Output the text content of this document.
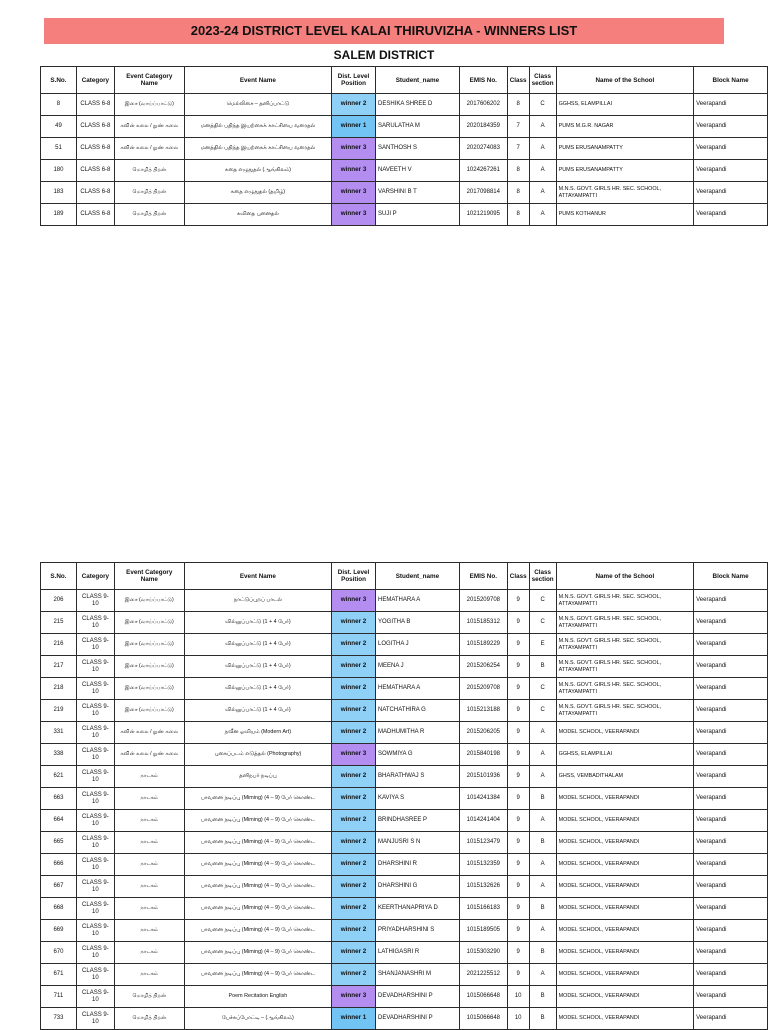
2023-24 DISTRICT LEVEL KALAI THIRUVIZHA - WINNERS LIST
SALEM DISTRICT
S.No.	Category	Event Category Name	Event Name	Dist. Level Position	Student_name	EMIS No.	Class	Class section	Name of the School	Block Name
8	CLASS 6-8	இசை (வாய்ப்பாட்டு)	மெல்லிசை – தனிப்பாட்டு	winner 2	DESHIKA SHREE D	2017606202	8	C	GGHSS, ELAMPILLAI	Veerapandi
49	CLASS 6-8	கவின் கலை / நுண் கலை	மனத்தில் பதிந்த இயற்கைக் காட்சியை வரைதல்	winner 1	SARULATHA M	2020184359	7	A	PUMS M.G.R. NAGAR	Veerapandi
51	CLASS 6-8	கவின் கலை / நுண் கலை	மனத்தில் பதிந்த இயற்கைக் காட்சியை வரைதல்	winner 3	SANTHOSH S	2020274083	7	A	PUMS ERUSANAMPATTY	Veerapandi
180	CLASS 6-8	மொழித் திறன்	கதை எழுதுதல் (ஆங்கிலம்)	winner 3	NAVEETH V	1024267261	8	A	PUMS ERUSANAMPATTY	Veerapandi
183	CLASS 6-8	மொழித் திறன்	கதை எழுதுதல் (தமிழ்)	winner 3	VARSHINI B T	2017098814	8	A	M.N.S. GOVT. GIRLS HR. SEC. SCHOOL, ATTAYAMPATTI	Veerapandi
189	CLASS 6-8	மொழித் திறன்	கவிதை புனைதல்	winner 3	SUJI P	1021219095	8	A	PUMS KOTHANUR	Veerapandi
S.No.	Category	Event Category Name	Event Name	Dist. Level Position	Student_name	EMIS No.	Class	Class section	Name of the School	Block Name
206	CLASS 9-10	இசை (வாய்ப்பாட்டு)	நாட்டுப்புறப் பாடல்	winner 3	HEMATHARA A	2015209708	9	C	M.N.S. GOVT. GIRLS HR. SEC. SCHOOL, ATTAYAMPATTI	Veerapandi
215	CLASS 9-10	இசை (வாய்ப்பாட்டு)	வில்லுப்பாட்டு (1 + 4 பேர்)	winner 2	YOGITHA B	1015185312	9	C	M.N.S. GOVT. GIRLS HR. SEC. SCHOOL, ATTAYAMPATTI	Veerapandi
216	CLASS 9-10	இசை (வாய்ப்பாட்டு)	வில்லுப்பாட்டு (1 + 4 பேர்)	winner 2	LOGITHA J	1015189229	9	E	M.N.S. GOVT. GIRLS HR. SEC. SCHOOL, ATTAYAMPATTI	Veerapandi
217	CLASS 9-10	இசை (வாய்ப்பாட்டு)	வில்லுப்பாட்டு (1 + 4 பேர்)	winner 2	MEENA J	2015206254	9	B	M.N.S. GOVT. GIRLS HR. SEC. SCHOOL, ATTAYAMPATTI	Veerapandi
218	CLASS 9-10	இசை (வாய்ப்பாட்டு)	வில்லுப்பாட்டு (1 + 4 பேர்)	winner 2	HEMATHARA A	2015209708	9	C	M.N.S. GOVT. GIRLS HR. SEC. SCHOOL, ATTAYAMPATTI	Veerapandi
219	CLASS 9-10	இசை (வாய்ப்பாட்டு)	வில்லுப்பாட்டு (1 + 4 பேர்)	winner 2	NATCHATHIRA G	1015213188	9	C	M.N.S. GOVT. GIRLS HR. SEC. SCHOOL, ATTAYAMPATTI	Veerapandi
331	CLASS 9-10	கவின் கலை / நுண் கலை	நவீன ஓவியம் (Modern Art)	winner 2	MADHUMITHA R	2015206205	9	A	MODEL SCHOOL, VEERAPANDI	Veerapandi
338	CLASS 9-10	கவின் கலை / நுண் கலை	புகைப்படம் எடுத்தல் (Photography)	winner 3	SOWMIYA G	2015840198	9	A	GGHSS, ELAMPILLAI	Veerapandi
621	CLASS 9-10	நாடகம்	தனிநபர் நடிப்பு	winner 2	BHARATHWAJ S	2015101936	9	A	GHSS, VEMBADITHALAM	Veerapandi
663	CLASS 9-10	நாடகம்	பாவனை நடிப்பு (Miming) (4 – 9) பேர் கொண்ட	winner 2	KAVIYA S	1014241384	9	B	MODEL SCHOOL, VEERAPANDI	Veerapandi
664	CLASS 9-10	நாடகம்	பாவனை நடிப்பு (Miming) (4 – 9) பேர் கொண்ட	winner 2	BRINDHASREE P	1014241404	9	A	MODEL SCHOOL, VEERAPANDI	Veerapandi
665	CLASS 9-10	நாடகம்	பாவனை நடிப்பு (Miming) (4 – 9) பேர் கொண்ட	winner 2	MANJUSRI S N	1015123479	9	B	MODEL SCHOOL, VEERAPANDI	Veerapandi
666	CLASS 9-10	நாடகம்	பாவனை நடிப்பு (Miming) (4 – 9) பேர் கொண்ட	winner 2	DHARSHINI R	1015132359	9	A	MODEL SCHOOL, VEERAPANDI	Veerapandi
667	CLASS 9-10	நாடகம்	பாவனை நடிப்பு (Miming) (4 – 9) பேர் கொண்ட	winner 2	DHARSHINI G	1015132626	9	A	MODEL SCHOOL, VEERAPANDI	Veerapandi
668	CLASS 9-10	நாடகம்	பாவனை நடிப்பு (Miming) (4 – 9) பேர் கொண்ட	winner 2	KEERTHANAPRIYA D	1015166183	9	B	MODEL SCHOOL, VEERAPANDI	Veerapandi
669	CLASS 9-10	நாடகம்	பாவனை நடிப்பு (Miming) (4 – 9) பேர் கொண்ட	winner 2	PRIYADHARSHINI S	1015189505	9	A	MODEL SCHOOL, VEERAPANDI	Veerapandi
670	CLASS 9-10	நாடகம்	பாவனை நடிப்பு (Miming) (4 – 9) பேர் கொண்ட	winner 2	LATHIGASRI R	1015303290	9	B	MODEL SCHOOL, VEERAPANDI	Veerapandi
671	CLASS 9-10	நாடகம்	பாவனை நடிப்பு (Miming) (4 – 9) பேர் கொண்ட	winner 2	SHANJANASHRI M	2021225512	9	A	MODEL SCHOOL, VEERAPANDI	Veerapandi
711	CLASS 9-10	மொழித் திறன்	Poem Recitation English	winner 3	DEVADHARSHINI P	1015066648	10	B	MODEL SCHOOL, VEERAPANDI	Veerapandi
733	CLASS 9-10	மொழித் திறன்	பேச்சுப்போட்டி – (ஆங்கிலம்)	winner 1	DEVADHARSHINI P	1015066648	10	B	MODEL SCHOOL, VEERAPANDI	Veerapandi
